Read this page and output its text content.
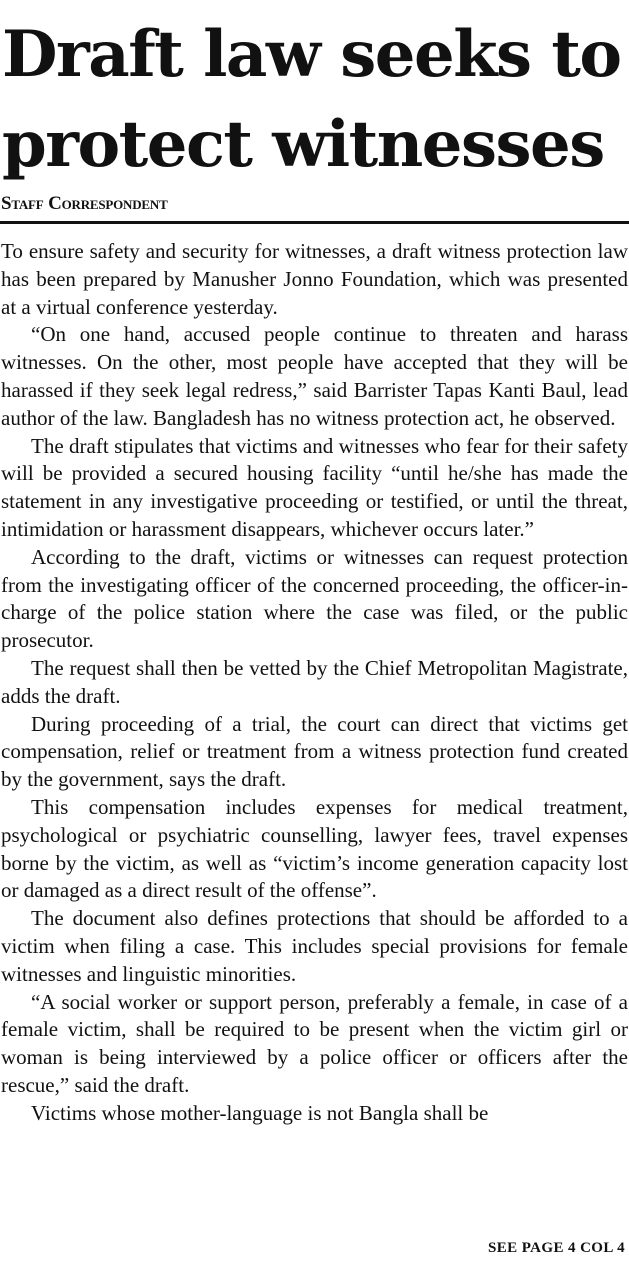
Draft law seeks to
protect witnesses
Staff Correspondent

To ensure safety and security for witnesses, a draft witness protection law has been prepared by Manusher Jonno Foundation, which was presented at a virtual conference yesterday.

“On one hand, accused people continue to threaten and harass witnesses. On the other, most people have accepted that they will be harassed if they seek legal redress,” said Barrister Tapas Kanti Baul, lead author of the law. Bangladesh has no witness protection act, he observed.

The draft stipulates that victims and witnesses who fear for their safety will be provided a secured housing facility “until he/she has made the statement in any investigative proceeding or testified, or until the threat, intimidation or harassment disappears, whichever occurs later.”

According to the draft, victims or witnesses can request protection from the investigating officer of the concerned proceeding, the officer-in-charge of the police station where the case was filed, or the public prosecutor.

The request shall then be vetted by the Chief Metropolitan Magistrate, adds the draft.

During proceeding of a trial, the court can direct that victims get compensation, relief or treatment from a witness protection fund created by the government, says the draft.

This compensation includes expenses for medical treatment, psychological or psychiatric counselling, lawyer fees, travel expenses borne by the victim, as well as “victim’s income generation capacity lost or damaged as a direct result of the offense”.

The document also defines protections that should be afforded to a victim when filing a case. This includes special provisions for female witnesses and linguistic minorities.

“A social worker or support person, preferably a female, in case of a female victim, shall be required to be present when the victim girl or woman is being interviewed by a police officer or officers after the rescue,” said the draft.

Victims whose mother-language is not Bangla shall be

SEE PAGE 4 COL 4
